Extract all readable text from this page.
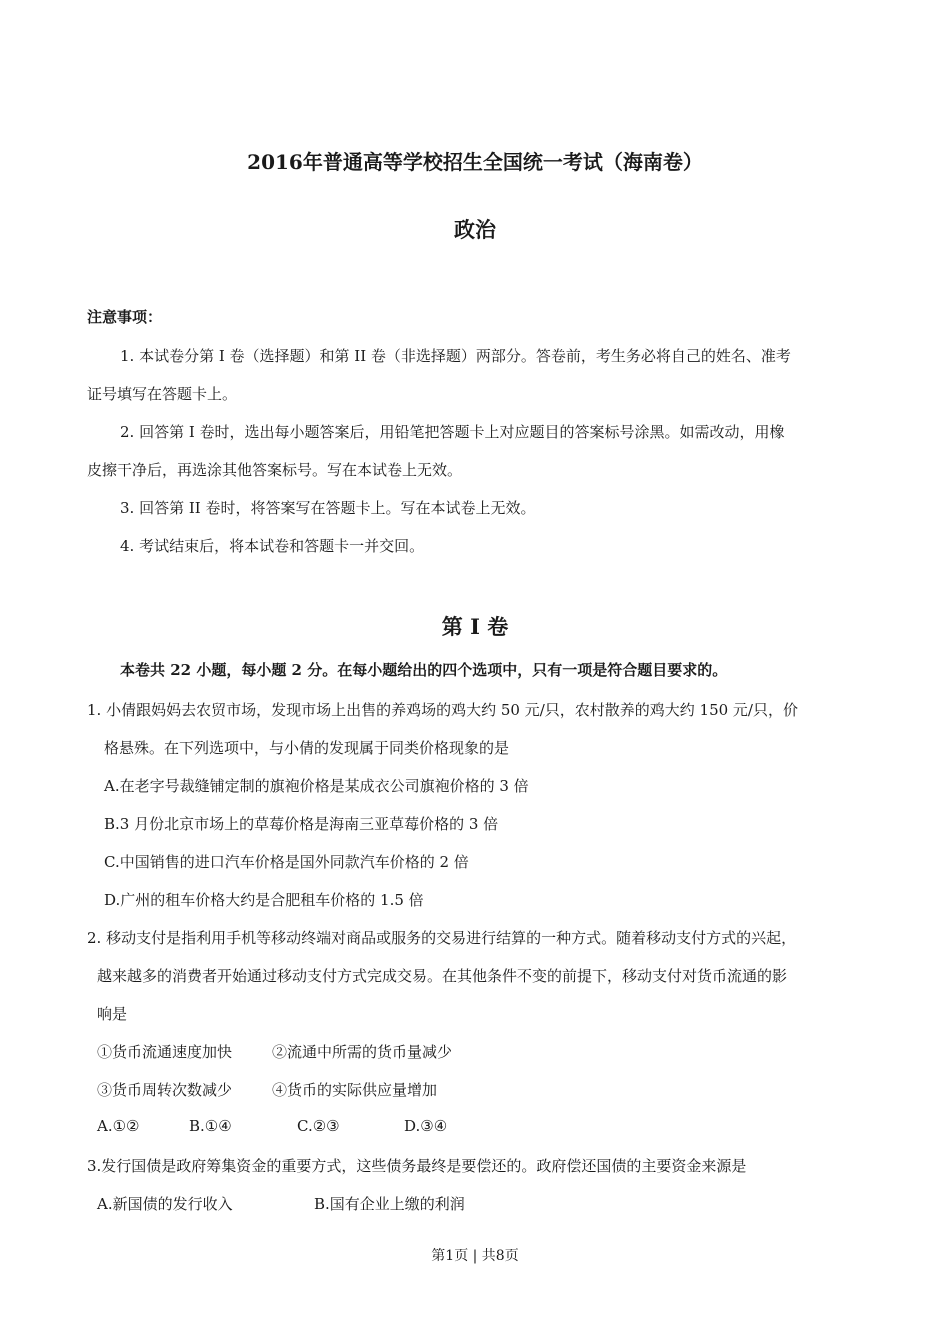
2016年普通高等学校招生全国统一考试（海南卷）
政治
注意事项：
1. 本试卷分第 I 卷（选择题）和第 II 卷（非选择题）两部分。答卷前，考生务必将自己的姓名、准考
证号填写在答题卡上。
2. 回答第 I 卷时，选出每小题答案后，用铅笔把答题卡上对应题目的答案标号涂黑。如需改动，用橡
皮擦干净后，再选涂其他答案标号。写在本试卷上无效。
3. 回答第 II 卷时，将答案写在答题卡上。写在本试卷上无效。
4. 考试结束后，将本试卷和答题卡一并交回。
第 I 卷
本卷共 22 小题，每小题 2 分。在每小题给出的四个选项中，只有一项是符合题目要求的。
1. 小倩跟妈妈去农贸市场，发现市场上出售的养鸡场的鸡大约 50 元/只，农村散养的鸡大约 150 元/只，价
格悬殊。在下列选项中，与小倩的发现属于同类价格现象的是
A.在老字号裁缝铺定制的旗袍价格是某成衣公司旗袍价格的 3 倍
B.3 月份北京市场上的草莓价格是海南三亚草莓价格的 3 倍
C.中国销售的进口汽车价格是国外同款汽车价格的 2 倍
D.广州的租车价格大约是合肥租车价格的 1.5 倍
2. 移动支付是指利用手机等移动终端对商品或服务的交易进行结算的一种方式。随着移动支付方式的兴起，
越来越多的消费者开始通过移动支付方式完成交易。在其他条件不变的前提下，移动支付对货币流通的影
响是
①货币流通速度加快	②流通中所需的货币量减少
③货币周转次数减少	④货币的实际供应量增加
A.①②	B.①④	C.②③	D.③④
3.发行国债是政府筹集资金的重要方式，这些债务最终是要偿还的。政府偿还国债的主要资金来源是
A.新国债的发行收入	B.国有企业上缴的利润
第1页 | 共8页
